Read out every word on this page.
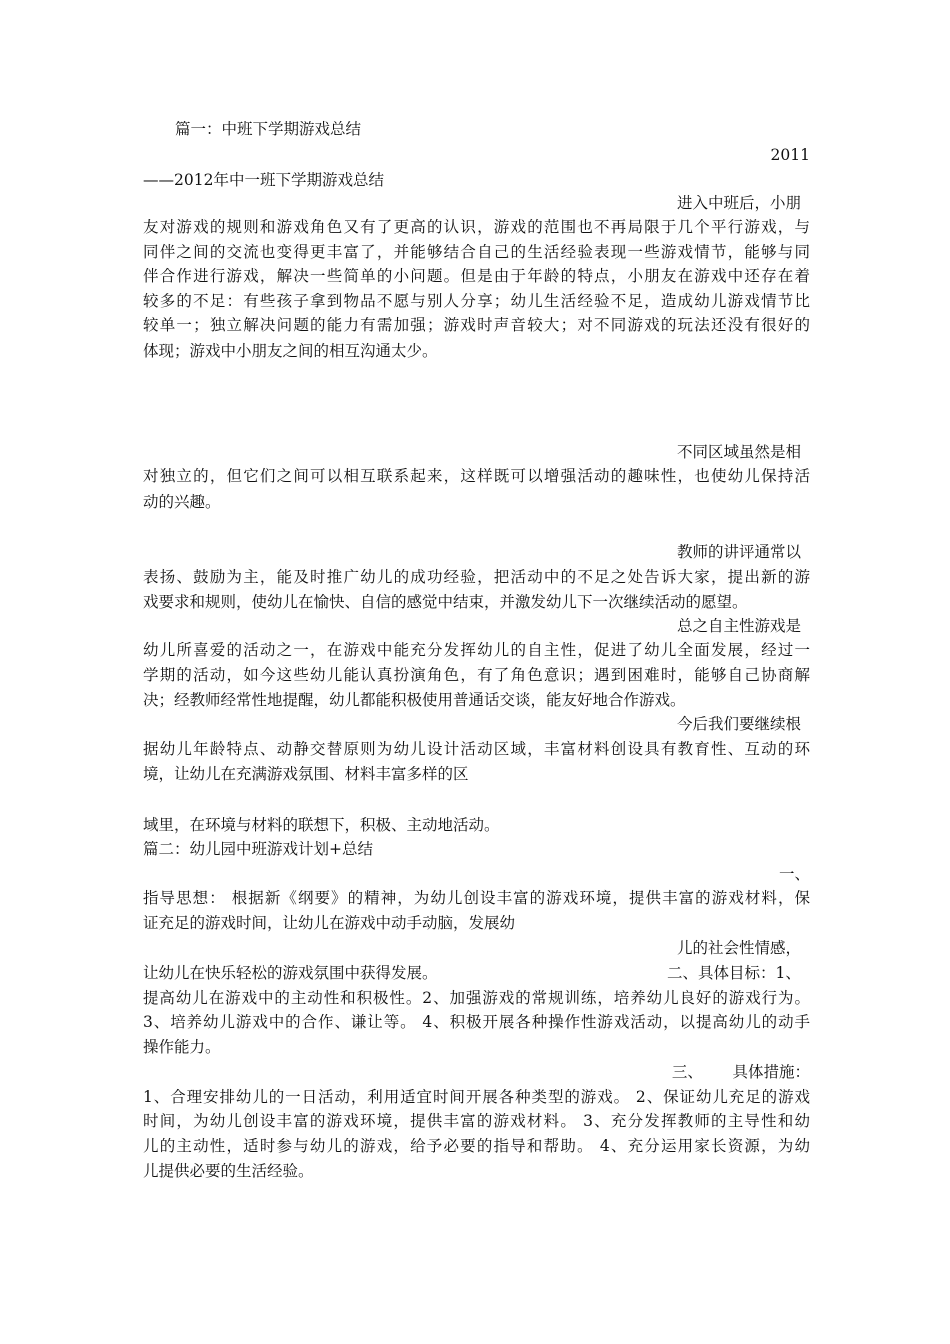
篇一：中班下学期游戏总结
2011
——2012年中一班下学期游戏总结
进入中班后，小朋
友对游戏的规则和游戏角色又有了更高的认识，游戏的范围也不再局限于几个平行游戏，与
同伴之间的交流也变得更丰富了，并能够结合自己的生活经验表现一些游戏情节，能够与同
伴合作进行游戏，解决一些简单的小问题。但是由于年龄的特点，小朋友在游戏中还存在着
较多的不足：有些孩子拿到物品不愿与别人分享；幼儿生活经验不足，造成幼儿游戏情节比
较单一；独立解决问题的能力有需加强；游戏时声音较大；对不同游戏的玩法还没有很好的
体现；游戏中小朋友之间的相互沟通太少。
不同区域虽然是相
对独立的，但它们之间可以相互联系起来，这样既可以增强活动的趣味性，也使幼儿保持活
动的兴趣。
教师的讲评通常以
表扬、鼓励为主，能及时推广幼儿的成功经验，把活动中的不足之处告诉大家，提出新的游
戏要求和规则，使幼儿在愉快、自信的感觉中结束，并激发幼儿下一次继续活动的愿望。
总之自主性游戏是
幼儿所喜爱的活动之一，在游戏中能充分发挥幼儿的自主性，促进了幼儿全面发展，经过一
学期的活动，如今这些幼儿能认真扮演角色，有了角色意识；遇到困难时，能够自己协商解
决；经教师经常性地提醒，幼儿都能积极使用普通话交谈，能友好地合作游戏。
今后我们要继续根
据幼儿年龄特点、动静交替原则为幼儿设计活动区域，丰富材料创设具有教育性、互动的环
境，让幼儿在充满游戏氛围、材料丰富多样的区
域里，在环境与材料的联想下，积极、主动地活动。
篇二：幼儿园中班游戏计划+总结
一、
指导思想： 根据新《纲要》的精神，为幼儿创设丰富的游戏环境，提供丰富的游戏材料，保
证充足的游戏时间，让幼儿在游戏中动手动脑，发展幼
儿的社会性情感，
让幼儿在快乐轻松的游戏氛围中获得发展。	二、具体目标：1、
提高幼儿在游戏中的主动性和积极性。2、加强游戏的常规训练，培养幼儿良好的游戏行为。
3、培养幼儿游戏中的合作、谦让等。 4、积极开展各种操作性游戏活动，以提高幼儿的动手
操作能力。
三、      具体措施：
1、合理安排幼儿的一日活动，利用适宜时间开展各种类型的游戏。 2、保证幼儿充足的游戏
时间，为幼儿创设丰富的游戏环境，提供丰富的游戏材料。 3、充分发挥教师的主导性和幼
儿的主动性，适时参与幼儿的游戏，给予必要的指导和帮助。 4、充分运用家长资源，为幼
儿提供必要的生活经验。
